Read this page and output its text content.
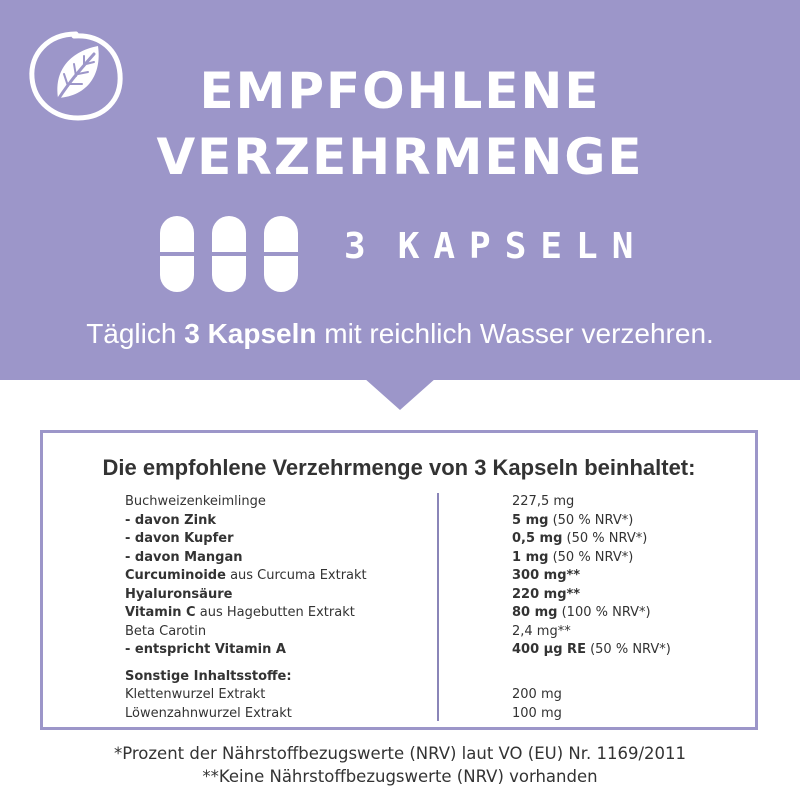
EMPFOHLENE
VERZEHRMENGE
3 KAPSELN
Täglich 3 Kapseln mit reichlich Wasser verzehren.
Die empfohlene Verzehrmenge von 3 Kapseln beinhaltet:
Buchweizenkeimlinge	227,5 mg
- davon Zink	5 mg (50 % NRV*)
- davon Kupfer	0,5 mg (50 % NRV*)
- davon Mangan	1 mg (50 % NRV*)
Curcuminoide aus Curcuma Extrakt	300 mg**
Hyaluronsäure	220 mg**
Vitamin C aus Hagebutten Extrakt	80 mg (100 % NRV*)
Beta Carotin	2,4 mg**
- entspricht Vitamin A	400 µg RE (50 % NRV*)
Sonstige Inhaltsstoffe:
Klettenwurzel Extrakt	200 mg
Löwenzahnwurzel Extrakt	100 mg
*Prozent der Nährstoffbezugswerte (NRV) laut VO (EU) Nr. 1169/2011
**Keine Nährstoffbezugswerte (NRV) vorhanden
